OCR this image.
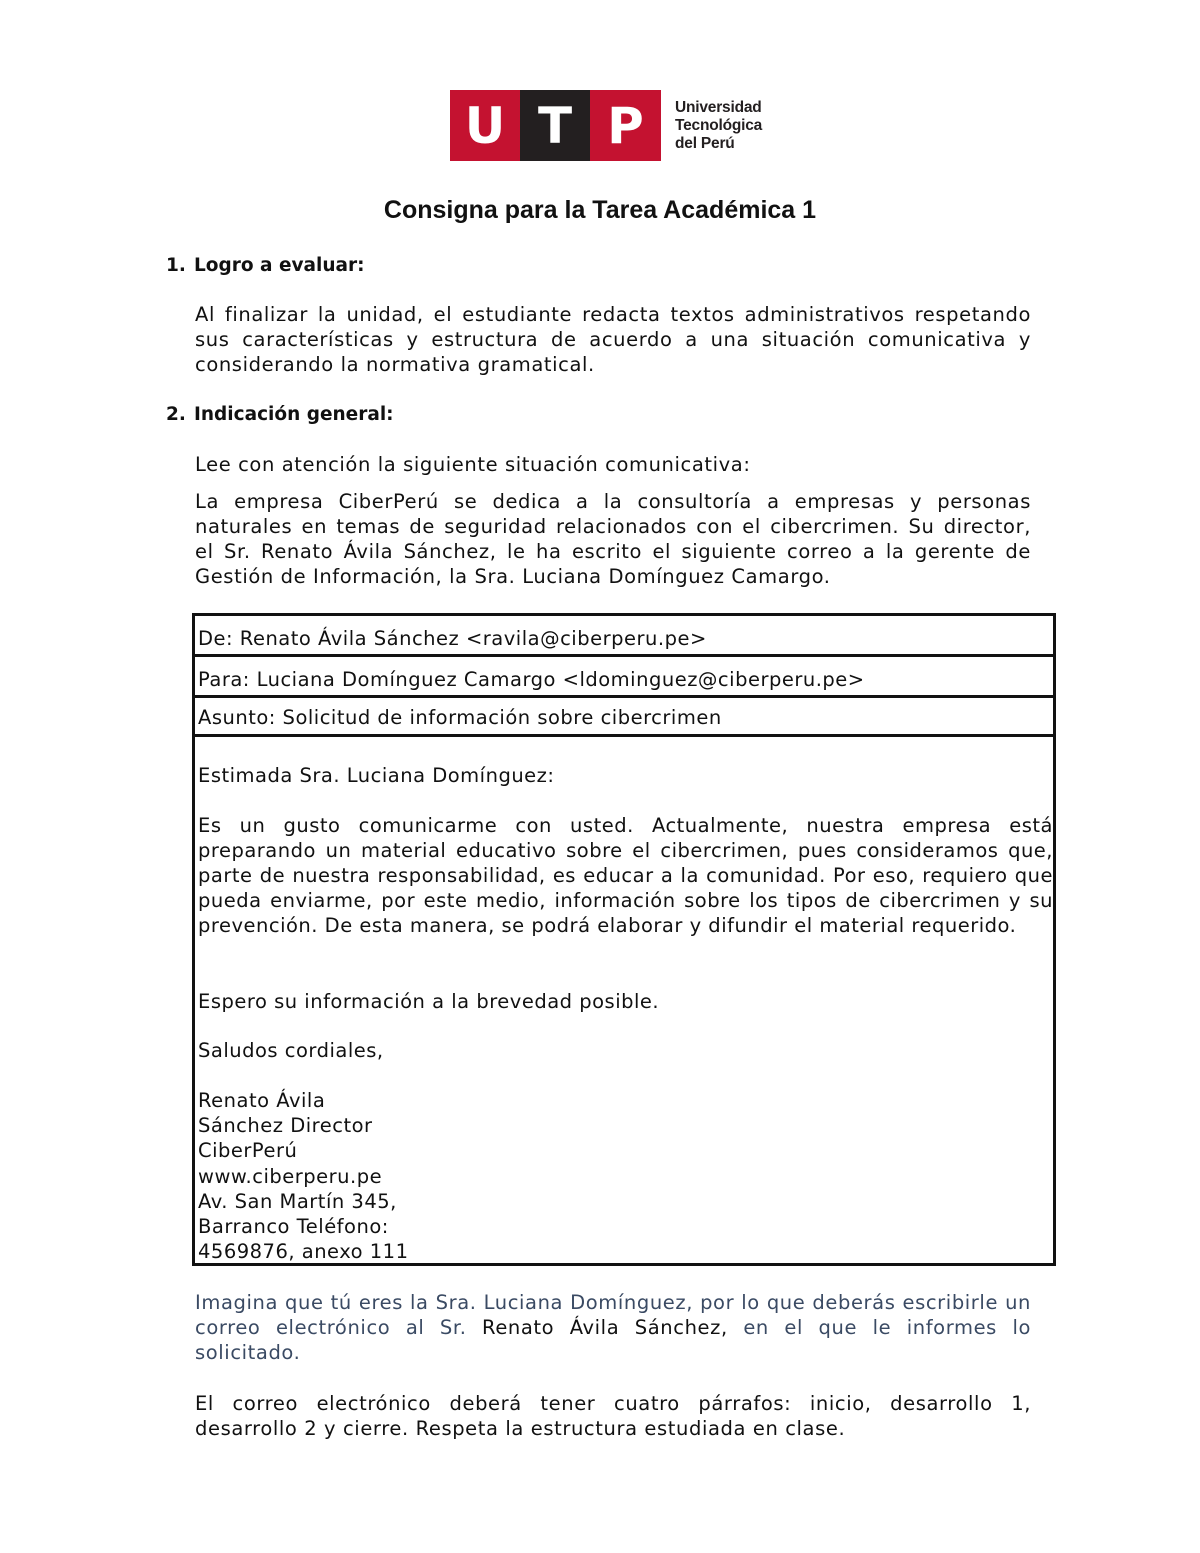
U T P	Universidad
Tecnológica
del Perú
Consigna para la Tarea Académica 1
1. Logro a evaluar:
Al finalizar la unidad, el estudiante redacta textos administrativos respetando sus características y estructura de acuerdo a una situación comunicativa y considerando la normativa gramatical.
2. Indicación general:
Lee con atención la siguiente situación comunicativa:
La empresa CiberPerú se dedica a la consultoría a empresas y personas naturales en temas de seguridad relacionados con el cibercrimen. Su director, el Sr. Renato Ávila Sánchez, le ha escrito el siguiente correo a la gerente de Gestión de Información, la Sra. Luciana Domínguez Camargo.
De: Renato Ávila Sánchez <ravila@ciberperu.pe>
Para: Luciana Domínguez Camargo <ldominguez@ciberperu.pe>
Asunto: Solicitud de información sobre cibercrimen
Estimada Sra. Luciana Domínguez:
Es un gusto comunicarme con usted. Actualmente, nuestra empresa está preparando un material educativo sobre el cibercrimen, pues consideramos que, parte de nuestra responsabilidad, es educar a la comunidad. Por eso, requiero que pueda enviarme, por este medio, información sobre los tipos de cibercrimen y su prevención. De esta manera, se podrá elaborar y difundir el material requerido.
Espero su información a la brevedad posible.
Saludos cordiales,
Renato Ávila
Sánchez Director
CiberPerú
www.ciberperu.pe
Av. San Martín 345,
Barranco Teléfono:
4569876, anexo 111
Imagina que tú eres la Sra. Luciana Domínguez, por lo que deberás escribirle un correo electrónico al Sr. Renato Ávila Sánchez, en el que le informes lo solicitado.
El correo electrónico deberá tener cuatro párrafos: inicio, desarrollo 1, desarrollo 2 y cierre. Respeta la estructura estudiada en clase.
